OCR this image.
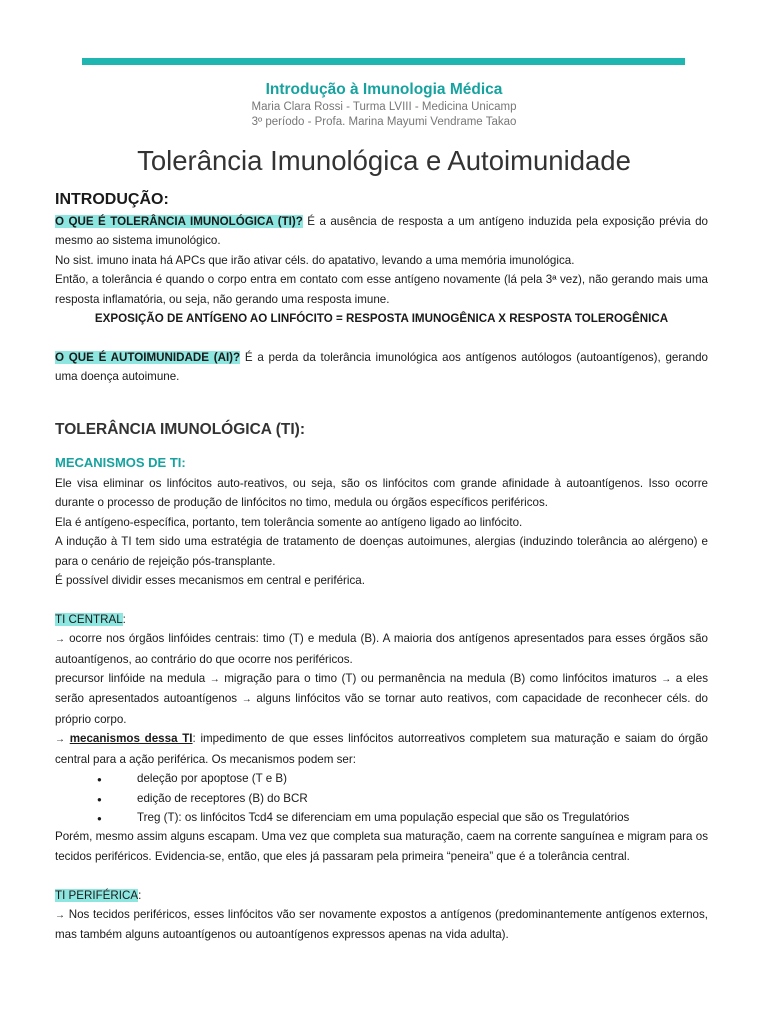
Introdução à Imunologia Médica
Maria Clara Rossi - Turma LVIII - Medicina Unicamp
3º período - Profa. Marina Mayumi Vendrame Takao
Tolerância Imunológica e Autoimunidade
INTRODUÇÃO:

O QUE É TOLERÂNCIA IMUNOLÓGICA (TI)? É a ausência de resposta a um antígeno induzida pela exposição prévia do mesmo ao sistema imunológico.

No sist. imuno inata há APCs que irão ativar céls. do apatativo, levando a uma memória imunológica.

Então, a tolerância é quando o corpo entra em contato com esse antígeno novamente (lá pela 3ª vez), não gerando mais uma resposta inflamatória, ou seja, não gerando uma resposta imune.

EXPOSIÇÃO DE ANTÍGENO AO LINFÓCITO = RESPOSTA IMUNOGÊNICA X RESPOSTA TOLEROGÊNICA

O QUE É AUTOIMUNIDADE (AI)? É a perda da tolerância imunológica aos antígenos autólogos (autoantígenos), gerando uma doença autoimune.

TOLERÂNCIA IMUNOLÓGICA (TI):
MECANISMOS DE TI:

Ele visa eliminar os linfócitos auto-reativos, ou seja, são os linfócitos com grande afinidade à autoantígenos. Isso ocorre durante o processo de produção de linfócitos no timo, medula ou órgãos específicos periféricos.

Ela é antígeno-específica, portanto, tem tolerância somente ao antígeno ligado ao linfócito.

A indução à TI tem sido uma estratégia de tratamento de doenças autoimunes, alergias (induzindo tolerância ao alérgeno) e para o cenário de rejeição pós-transplante.

É possível dividir esses mecanismos em central e periférica.

TI CENTRAL:

→ ocorre nos órgãos linfóides centrais: timo (T) e medula (B). A maioria dos antígenos apresentados para esses órgãos são autoantígenos, ao contrário do que ocorre nos periféricos.

precursor linfóide na medula → migração para o timo (T) ou permanência na medula (B) como linfócitos imaturos → a eles serão apresentados autoantígenos → alguns linfócitos vão se tornar auto reativos, com capacidade de reconhecer céls. do próprio corpo.

→ mecanismos dessa TI: impedimento de que esses linfócitos autorreativos completem sua maturação e saiam do órgão central para a ação periférica. Os mecanismos podem ser:

●
deleção por apoptose (T e B)
●
edição de receptores (B) do BCR
●
Treg (T): os linfócitos Tcd4 se diferenciam em uma população especial que são os Tregulatórios

Porém, mesmo assim alguns escapam. Uma vez que completa sua maturação, caem na corrente sanguínea e migram para os tecidos periféricos. Evidencia-se, então, que eles já passaram pela primeira “peneira” que é a tolerância central.

TI PERIFÉRICA:

→ Nos tecidos periféricos, esses linfócitos vão ser novamente expostos a antígenos (predominantemente antígenos externos, mas também alguns autoantígenos ou autoantígenos expressos apenas na vida adulta).
